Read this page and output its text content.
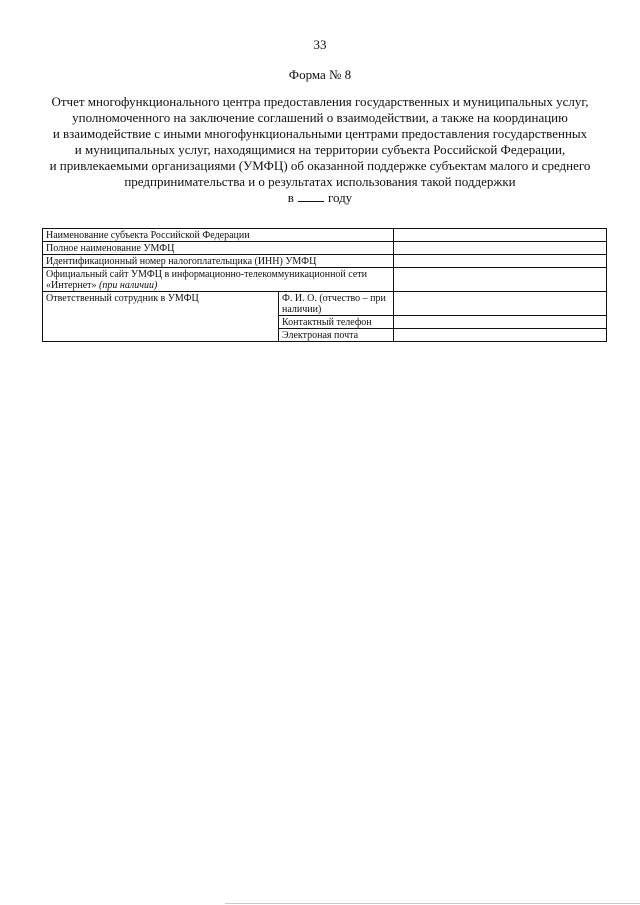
33
Форма № 8
Отчет многофункционального центра предоставления государственных и муниципальных услуг,
уполномоченного на заключение соглашений о взаимодействии, а также на координацию
и взаимодействие с иными многофункциональными центрами предоставления государственных
и муниципальных услуг, находящимися на территории субъекта Российской Федерации,
и привлекаемыми организациями (УМФЦ) об оказанной поддержке субъектам малого и среднего
предпринимательства и о результатах использования такой поддержки
в	году
Наименование субъекта Российской Федерации		
Полное наименование УМФЦ		
Идентификационный номер налогоплательщика (ИНН) УМФЦ		
Официальный сайт УМФЦ в информационно-телекоммуникационной сети «Интернет» (при наличии)		
Ответственный сотрудник в УМФЦ	Ф. И. О. (отчество – при наличии)	
	Контактный телефон	
	Электроная почта	
